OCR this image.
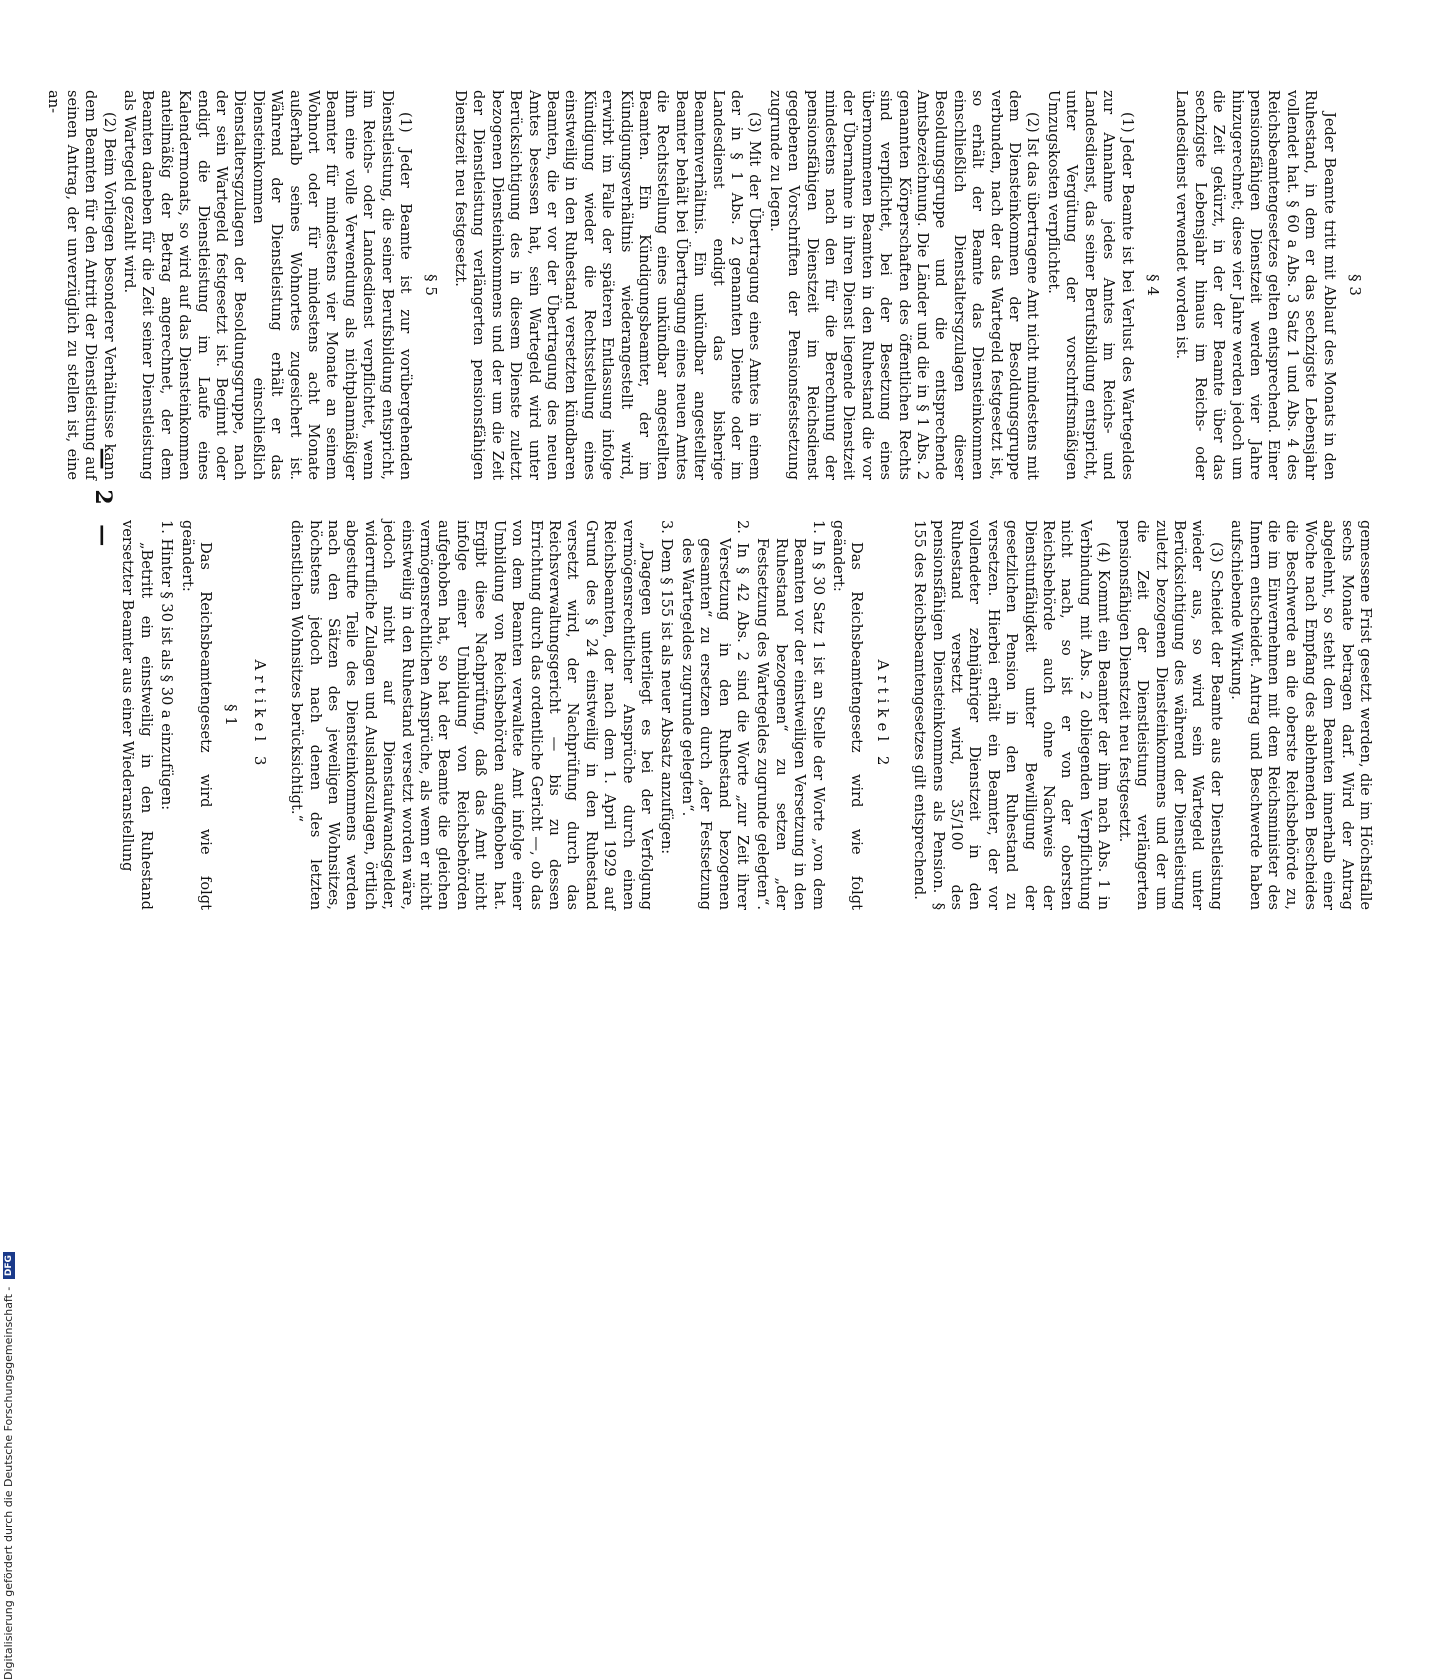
— 2 —

§ 3

Jeder Beamte tritt mit Ablauf des Monats in den Ruhestand, in dem er das sechzigste Lebensjahr vollendet hat. § 60 a Abs. 3 Satz 1 und Abs. 4 des Reichsbeamtengesetzes gelten entsprechend. Einer pensionsfähigen Dienstzeit werden vier Jahre hinzugerechnet; diese vier Jahre werden jedoch um die Zeit gekürzt, in der der Beamte über das sechzigste Lebensjahr hinaus im Reichs- oder Landesdienst verwendet worden ist.

§ 4

(1) Jeder Beamte ist bei Verlust des Wartegeldes zur Annahme jedes Amtes im Reichs- und Landesdienst, das seiner Berufsbildung entspricht, unter Vergütung der vorschriftsmäßigen Umzugskosten verpflichtet.

(2) Ist das übertragene Amt nicht mindestens mit dem Diensteinkommen der Besoldungsgruppe verbunden, nach der das Wartegeld festgesetzt ist, so erhält der Beamte das Diensteinkommen einschließlich Dienstaltersgzulagen dieser Besoldungsgruppe und die entsprechende Amtsbezeichnung. Die Länder und die in § 1 Abs. 2 genannten Körperschaften des öffentlichen Rechts sind verpflichtet, bei der Besetzung eines übernommenen Beamten in den Ruhestand die vor der Übernahme in ihren Dienst liegende Dienstzeit mindestens nach den für die Berechnung der pensionsfähigen Dienstzeit im Reichsdienst gegebenen Vorschriften der Pensionsfestsetzung zugrunde zu legen.

(3) Mit der Übertragung eines Amtes in einem der in § 1 Abs. 2 genannten Dienste oder im Landesdienst endigt das bisherige Beamtenverhältnis. Ein unkündbar angestellter Beamter behält bei Übertragung eines neuen Amtes die Rechtsstellung eines unkündbar angestellten Beamten. Ein Kündigungsbeamter, der im Kündigungsverhältnis wiederangestellt wird, erwirbt im Falle der späteren Entlassung infolge Kündigung wieder die Rechtsstellung eines einstweilig in den Ruhestand versetzten kündbaren Beamten, die er vor der Übertragung des neuen Amtes besessen hat, sein Wartegeld wird unter Berücksichtigung des in diesem Dienste zuletzt bezogenen Diensteinkommens und der um die Zeit der Dienstleistung verlängerten pensionsfähigen Dienstzeit neu festgesetzt.

§ 5

(1) Jeder Beamte ist zur vorübergehenden Dienstleistung, die seiner Berufsbildung entspricht, im Reichs- oder Landesdienst verpflichtet, wenn ihm eine volle Verwendung als nichtplanmäßiger Beamter für mindestens vier Monate an seinem Wohnort oder für mindestens acht Monate außerhalb seines Wohnortes zugesichert ist. Während der Dienstleistung erhält er das Diensteinkommen einschließlich Dienstaltersgzulagen der Besoldungsgruppe, nach der sein Wartegeld festgesetzt ist. Beginnt oder endigt die Dienstleistung im Laufe eines Kalendermonats, so wird auf das Diensteinkommen anteilmäßig der Betrag angerechnet, der dem Beamten daneben für die Zeit seiner Dienstleistung als Wartegeld gezahlt wird.

(2) Beim Vorliegen besonderer Verhältnisse kann dem Beamten für den Antritt der Dienstleistung auf seinen Antrag, der unverzüglich zu stellen ist, eine an-

gemessene Frist gesetzt werden, die im Höchstfalle sechs Monate betragen darf. Wird der Antrag abgelehnt, so steht dem Beamten innerhalb einer Woche nach Empfang des ablehnenden Bescheides die Beschwerde an die oberste Reichsbehörde zu, die im Einvernehmen mit dem Reichsminister des Innern entscheidet. Antrag und Beschwerde haben aufschiebende Wirkung.

(3) Scheidet der Beamte aus der Dienstleistung wieder aus, so wird sein Wartegeld unter Berücksichtigung des während der Dienstleistung zuletzt bezogenen Diensteinkommens und der um die Zeit der Dienstleistung verlängerten pensionsfähigen Dienstzeit neu festgesetzt.

(4) Kommt ein Beamter der ihm nach Abs. 1 in Verbindung mit Abs. 2 obliegenden Verpflichtung nicht nach, so ist er von der obersten Reichsbehörde auch ohne Nachweis der Dienstunfähigkeit unter Bewilligung der gesetzlichen Pension in den Ruhestand zu versetzen. Hierbei erhält ein Beamter, der vor vollendeter zehnjähriger Dienstzeit in den Ruhestand versetzt wird, 35/100 des pensionsfähigen Diensteinkommens als Pension. § 155 des Reichsbeamtengesetzes gilt entsprechend.

Artikel 2

Das Reichsbeamtengesetz wird wie folgt geändert:

1. In § 30 Satz 1 ist an Stelle der Worte „von dem Beamten vor der einstweiligen Versetzung in den Ruhestand bezogenen“ zu setzen „der Festsetzung des Wartegeldes zugrunde gelegten“.

2. In § 42 Abs. 2 sind die Worte „zur Zeit ihrer Versetzung in den Ruhestand bezogenen gesamten“ zu ersetzen durch „der Festsetzung des Wartegeldes zugrunde gelegten“.

3. Dem § 155 ist als neuer Absatz anzufügen:

„Dagegen unterliegt es bei der Verfolgung vermögensrechtlicher Ansprüche durch einen Reichsbeamten, der nach dem 1. April 1929 auf Grund des § 24 einstweilig in den Ruhestand versetzt wird, der Nachprüfung durch das Reichsverwaltungsgericht — bis zu dessen Errichtung durch das ordentliche Gericht —, ob das von dem Beamten verwaltete Amt infolge einer Umbildung von Reichsbehörden aufgehoben hat. Ergibt diese Nachprüfung, daß das Amt nicht infolge einer Umbildung von Reichsbehörden aufgehoben hat, so hat der Beamte die gleichen vermögensrechtlichen Ansprüche, als wenn er nicht einstweilig in den Ruhestand versetzt worden wäre, jedoch nicht auf Dienstaufwandsgelder, widerrufliche Zulagen und Auslandszulagen, örtlich abgestufte Teile des Diensteinkommens werden nach den Sätzen des jeweiligen Wohnsitzes, höchstens jedoch nach denen des letzten dienstlichen Wohnsitzes berücksichtigt.“

Artikel 3

§ 1

Das Reichsbeamtengesetz wird wie folgt geändert:

1. Hinter § 30 ist als § 30 a einzufügen:

„Betritt ein einstweilig in den Ruhestand versetzter Beamter aus einer Wiederanstellung

Digitalisierung gefördert durch die Deutsche Forschungsgemeinschaft - DFG
